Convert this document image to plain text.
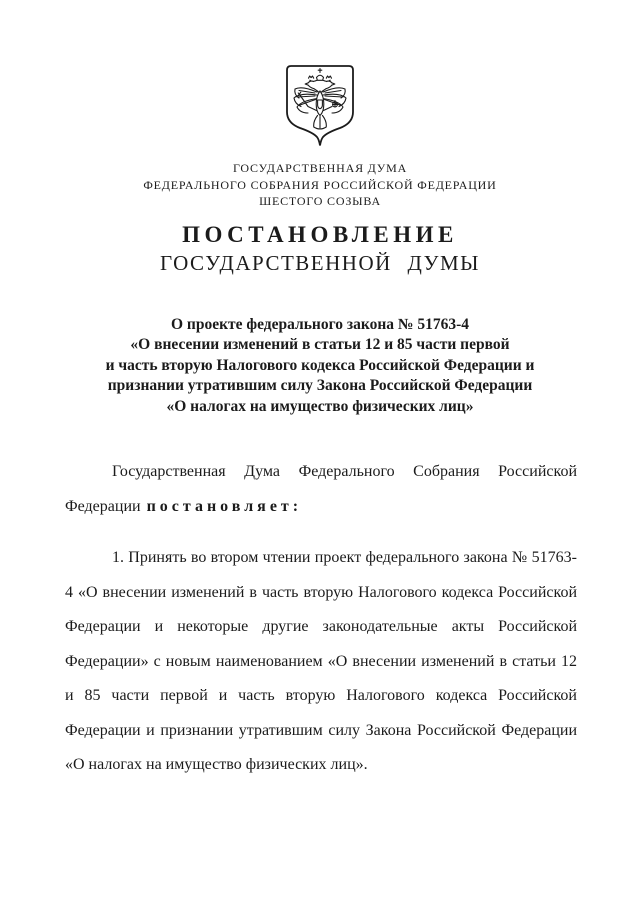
ГОСУДАРСТВЕННАЯ ДУМА
ФЕДЕРАЛЬНОГО СОБРАНИЯ РОССИЙСКОЙ ФЕДЕРАЦИИ
ШЕСТОГО СОЗЫВА
ПОСТАНОВЛЕНИЕ
ГОСУДАРСТВЕННОЙ ДУМЫ
О проекте федерального закона № 51763-4
«О внесении изменений в статьи 12 и 85 части первой
и часть вторую Налогового кодекса Российской Федерации и
признании утратившим силу Закона Российской Федерации
«О налогах на имущество физических лиц»

Государственная Дума Федерального Собрания Российской Федерации постановляет:

1. Принять во втором чтении проект федерального закона № 51763-4 «О внесении изменений в часть вторую Налогового кодекса Российской Федерации и некоторые другие законодательные акты Российской Федерации» с новым наименованием «О внесении изменений в статьи 12 и 85 части первой и часть вторую Налогового кодекса Российской Федерации и признании утратившим силу Закона Российской Федерации «О налогах на имущество физических лиц».
